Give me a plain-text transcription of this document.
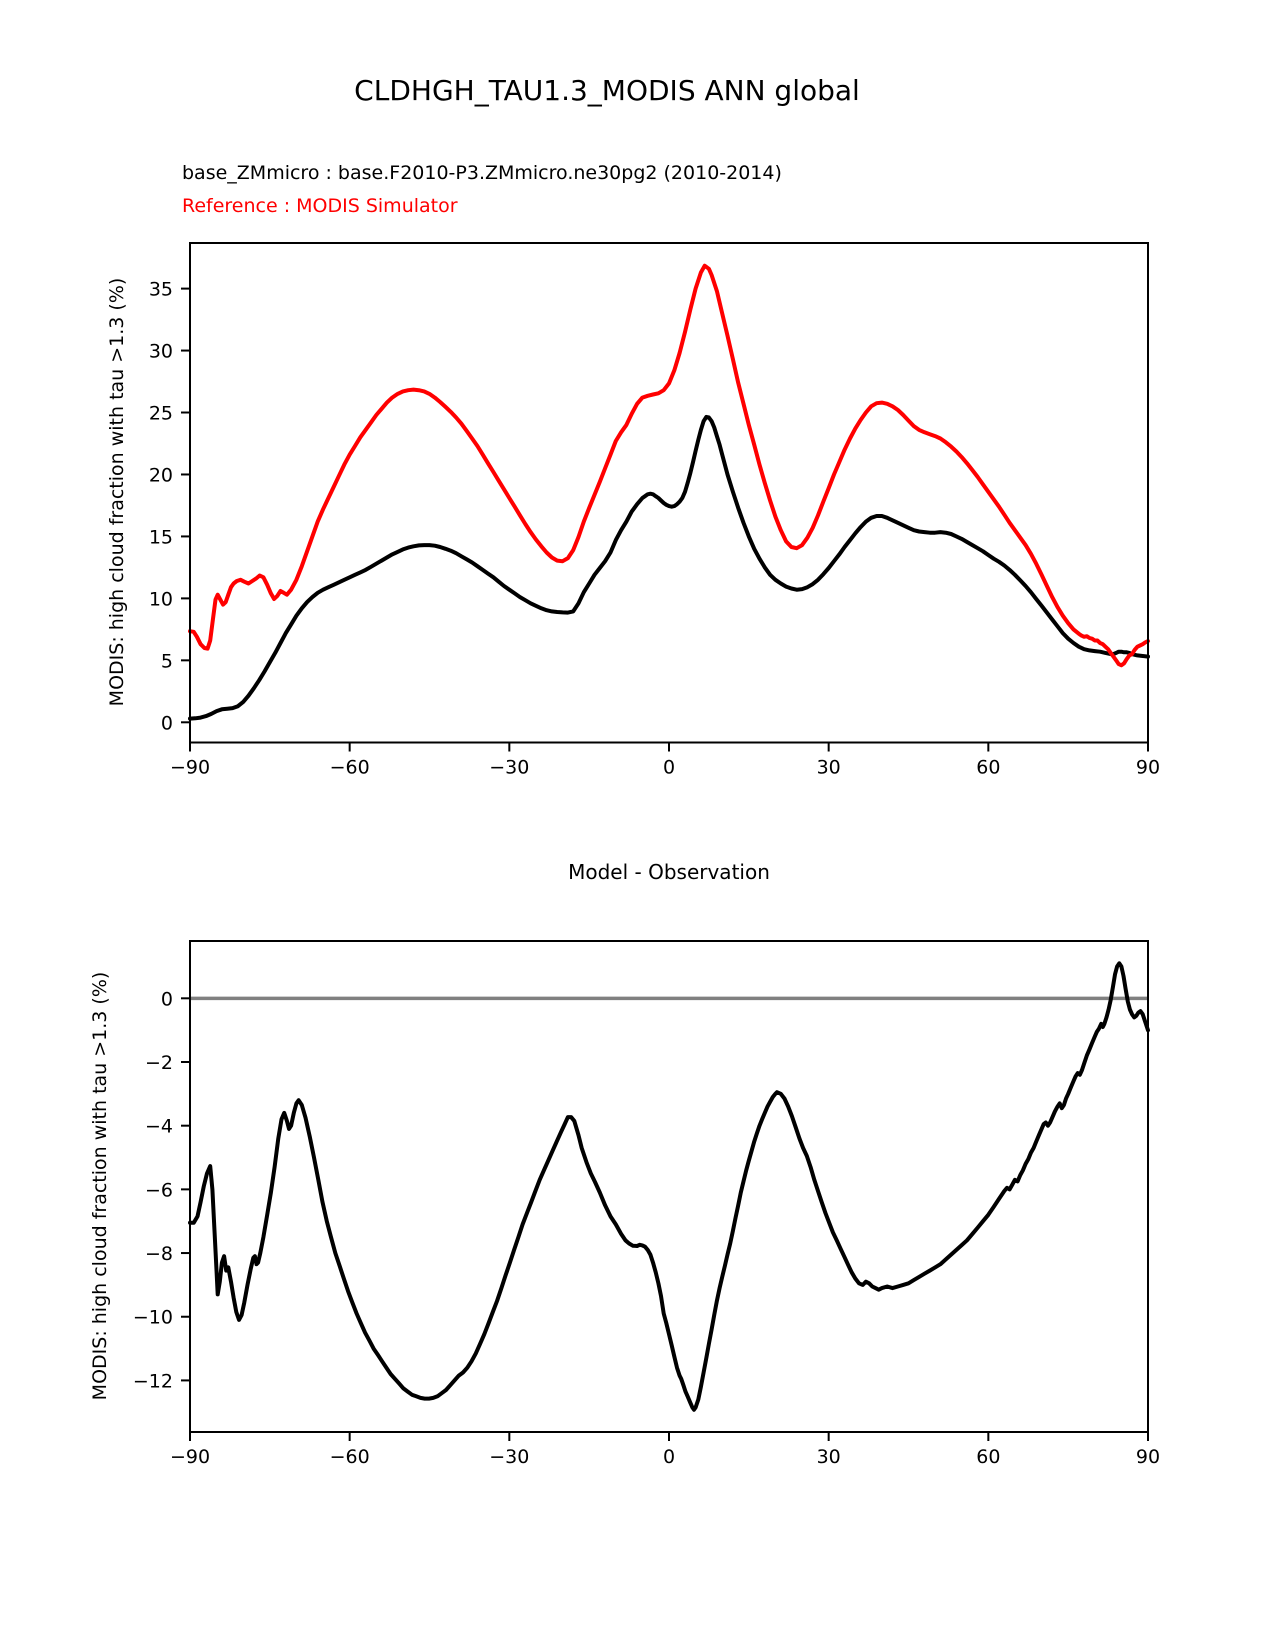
−90	−60	−30	0	30	60	90
0
5
10
15
20
25
30
35
−90	−60	−30	0	30	60	90
0
−2
−4
−6
−8
−10
−12
CLDHGH_TAU1.3_MODIS ANN global
base_ZMmicro : base.F2010-P3.ZMmicro.ne30pg2 (2010-2014)
Reference : MODIS Simulator
MODIS: high cloud fraction with tau >1.3 (%)
MODIS: high cloud fraction with tau >1.3 (%)
Model - Observation
